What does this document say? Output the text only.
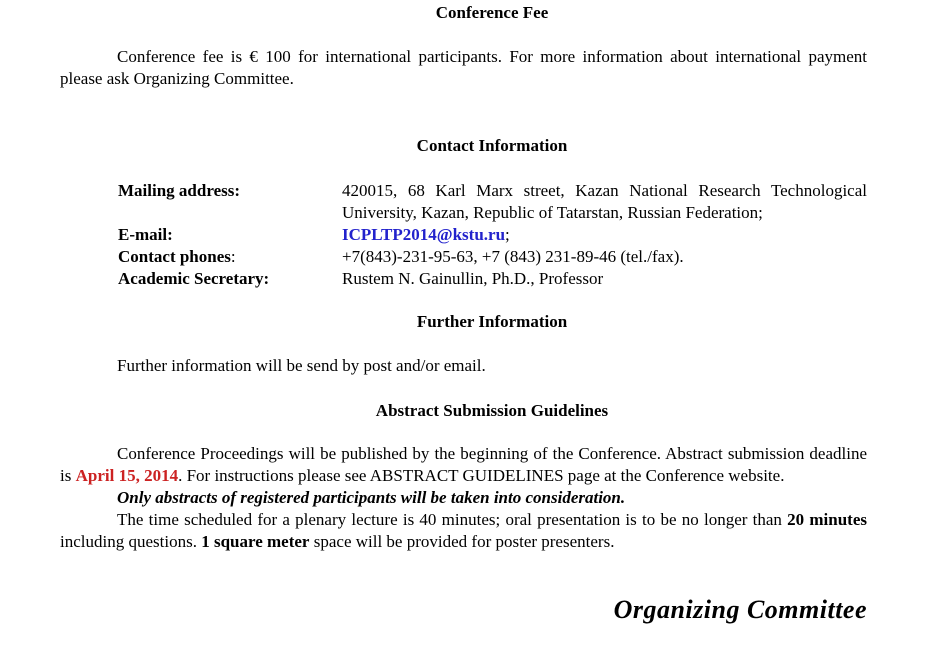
Conference Fee

Conference fee is € 100 for international participants. For more information about international payment please ask Organizing Committee.

Contact Information
Mailing address:	420015, 68 Karl Marx street, Kazan National Research Technological University, Kazan, Republic of Tatarstan, Russian Federation;
E-mail:	ICPLTP2014@kstu.ru;
Contact phones:	+7(843)-231-95-63, +7 (843) 231-89-46 (tel./fax).
Academic Secretary:	Rustem N. Gainullin, Ph.D., Professor
Further Information

Further information will be send by post and/or email.

Abstract Submission Guidelines

Conference Proceedings will be published by the beginning of the Conference. Abstract submission deadline is April 15, 2014. For instructions please see ABSTRACT GUIDELINES page at the Conference website.

Only abstracts of registered participants will be taken into consideration.

The time scheduled for a plenary lecture is 40 minutes; oral presentation is to be no longer than 20 minutes including questions. 1 square meter space will be provided for poster presenters.

Organizing Committee
